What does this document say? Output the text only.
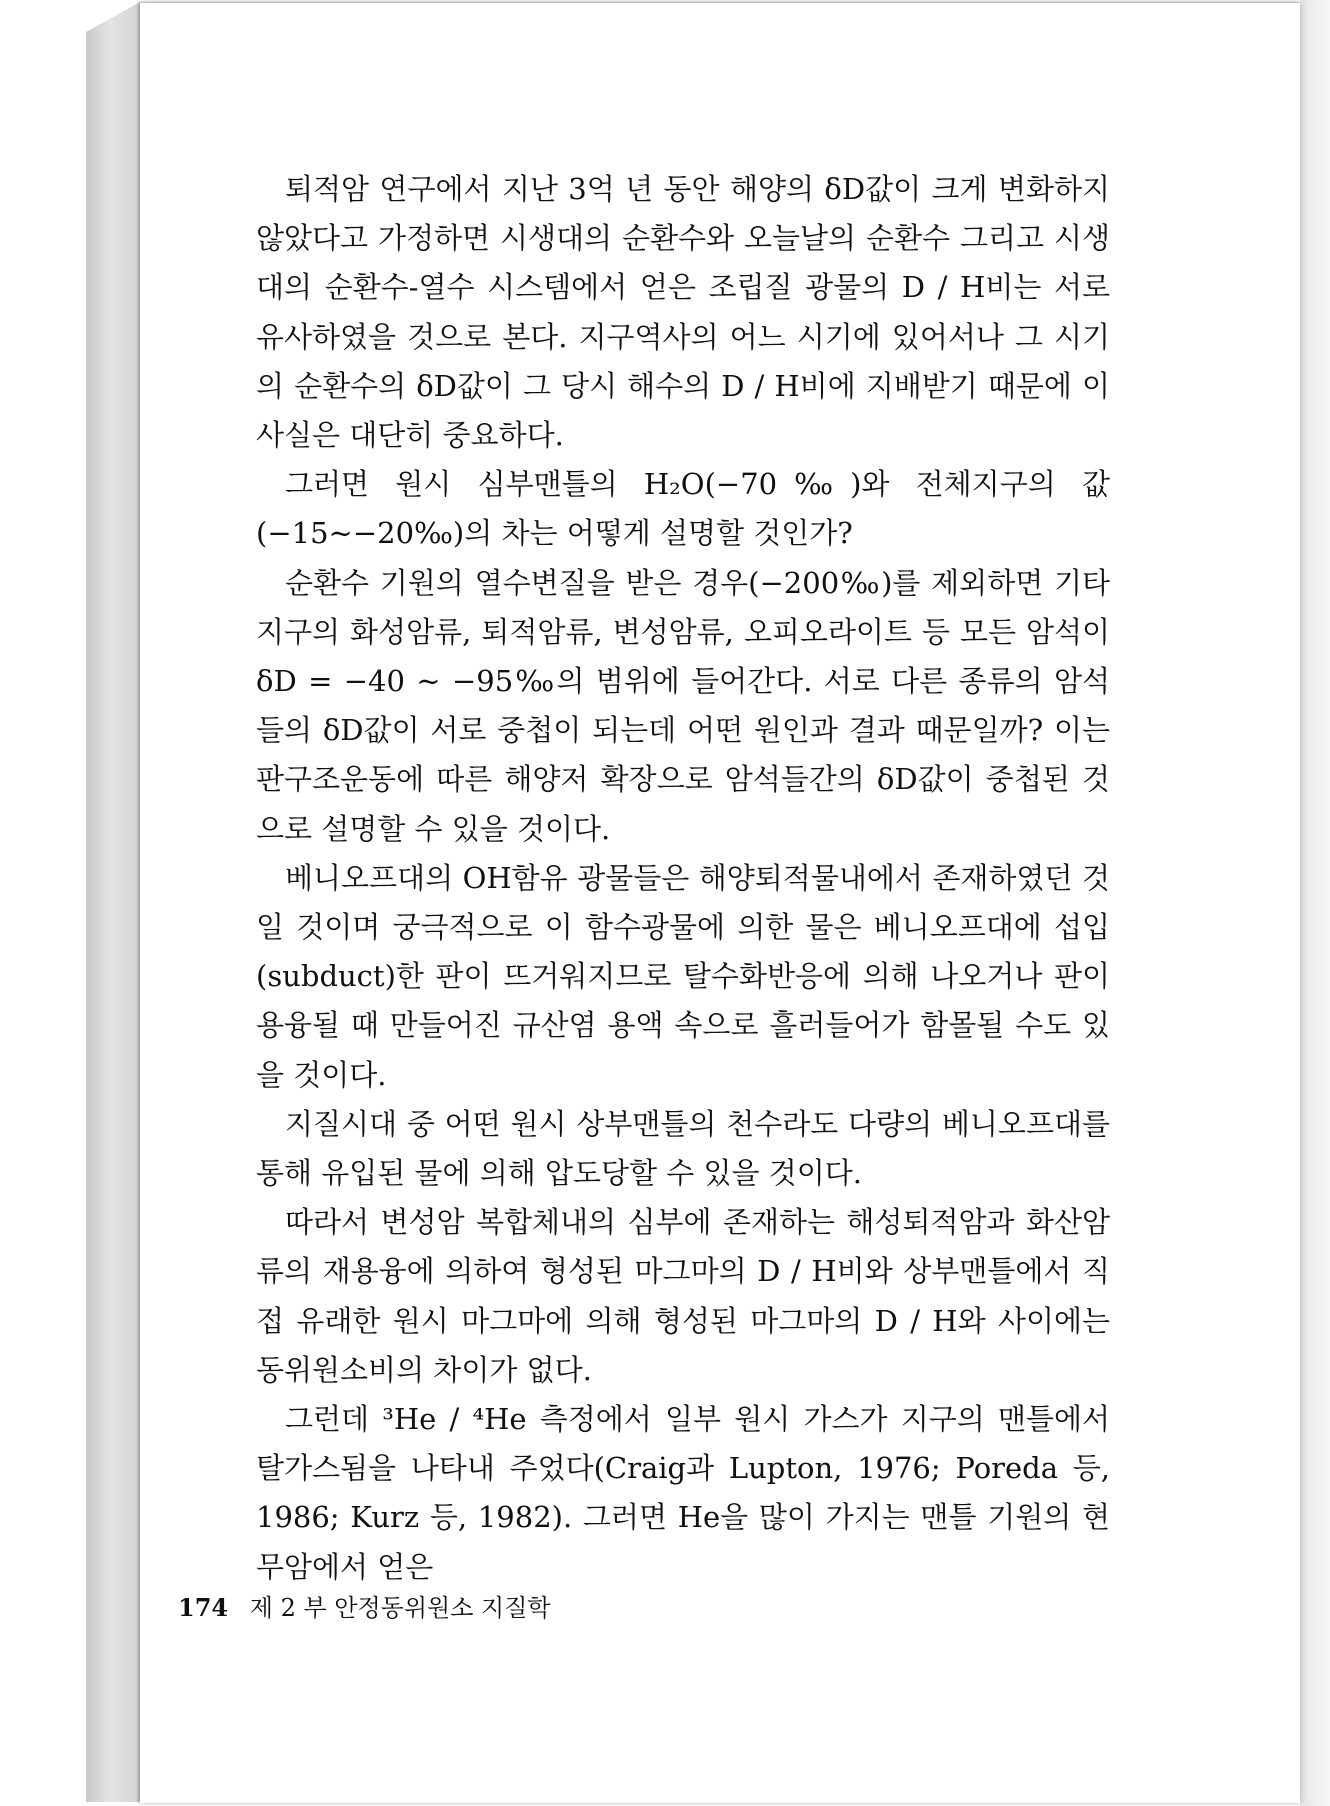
퇴적암 연구에서 지난 3억 년 동안 해양의 δD값이 크게 변화하지 않았다고 가정하면 시생대의 순환수와 오늘날의 순환수 그리고 시생대의 순환수-열수 시스템에서 얻은 조립질 광물의 D / H비는 서로 유사하였을 것으로 본다. 지구역사의 어느 시기에 있어서나 그 시기의 순환수의 δD값이 그 당시 해수의 D / H비에 지배받기 때문에 이 사실은 대단히 중요하다.

그러면 원시 심부맨틀의 H₂O(−70‰)와 전체지구의 값(−15∼−20‰)의 차는 어떻게 설명할 것인가?

순환수 기원의 열수변질을 받은 경우(−200‰)를 제외하면 기타 지구의 화성암류, 퇴적암류, 변성암류, 오피오라이트 등 모든 암석이 δD = −40 ∼ −95‰의 범위에 들어간다. 서로 다른 종류의 암석들의 δD값이 서로 중첩이 되는데 어떤 원인과 결과 때문일까? 이는 판구조운동에 따른 해양저 확장으로 암석들간의 δD값이 중첩된 것으로 설명할 수 있을 것이다.

베니오프대의 OH함유 광물들은 해양퇴적물내에서 존재하였던 것일 것이며 궁극적으로 이 함수광물에 의한 물은 베니오프대에 섭입(subduct)한 판이 뜨거워지므로 탈수화반응에 의해 나오거나 판이 용융될 때 만들어진 규산염 용액 속으로 흘러들어가 함몰될 수도 있을 것이다.

지질시대 중 어떤 원시 상부맨틀의 천수라도 다량의 베니오프대를 통해 유입된 물에 의해 압도당할 수 있을 것이다.

따라서 변성암 복합체내의 심부에 존재하는 해성퇴적암과 화산암류의 재용융에 의하여 형성된 마그마의 D / H비와 상부맨틀에서 직접 유래한 원시 마그마에 의해 형성된 마그마의 D / H와 사이에는 동위원소비의 차이가 없다.

그런데 ³He / ⁴He 측정에서 일부 원시 가스가 지구의 맨틀에서 탈가스됨을 나타내 주었다(Craig과 Lupton, 1976; Poreda 등, 1986; Kurz 등, 1982). 그러면 He을 많이 가지는 맨틀 기원의 현무암에서 얻은

174 제 2 부 안정동위원소 지질학
